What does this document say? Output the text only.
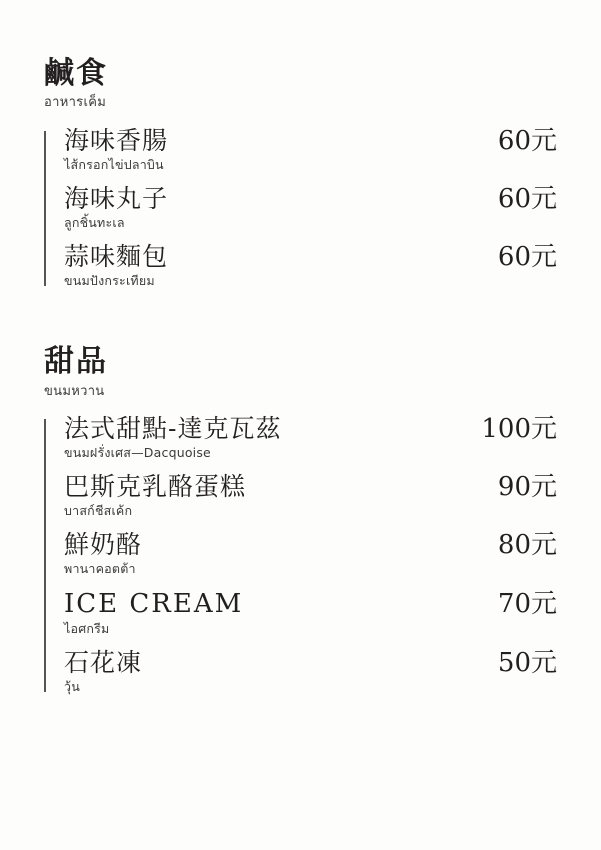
鹹食
อาหารเค็ม
海味香腸
ไส้กรอกไข่ปลาบิน
60元
海味丸子
ลูกชิ้นทะเล
60元
蒜味麵包
ขนมปังกระเทียม
60元
甜品
ขนมหวาน
法式甜點-達克瓦茲
ขนมฝรั่งเศส—Dacquoise
100元
巴斯克乳酪蛋糕
บาสก์ชีสเค้ก
90元
鮮奶酪
พานาคอตต้า
80元
ICE CREAM
ไอศกรีม
70元
石花凍
วุ้น
50元
